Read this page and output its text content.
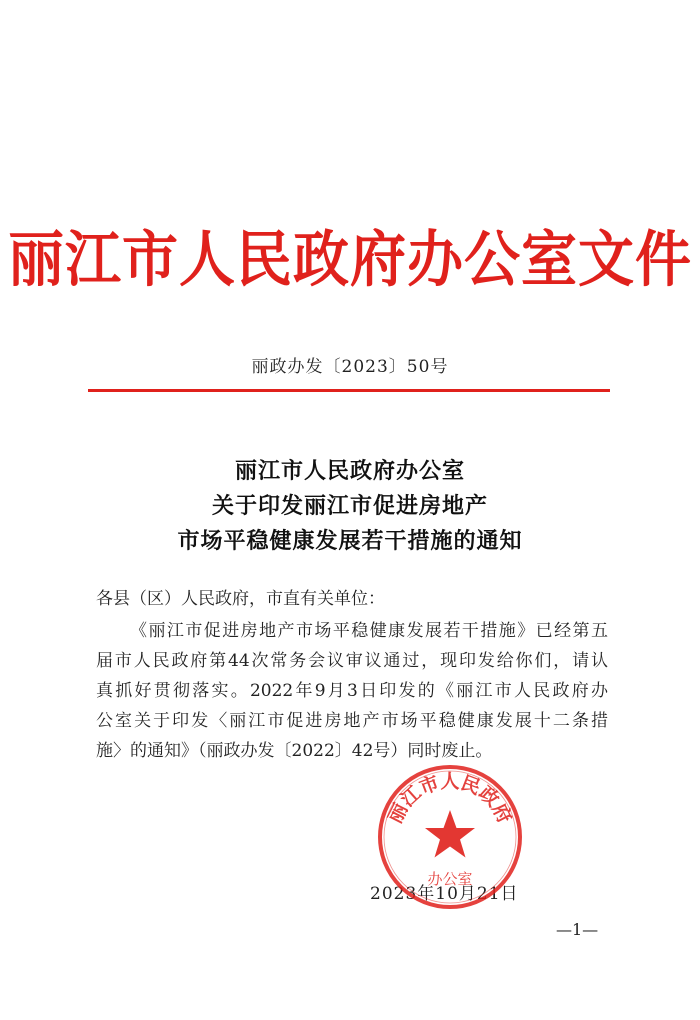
丽江市人民政府办公室文件
丽政办发〔2023〕50号
丽江市人民政府办公室
关于印发丽江市促进房地产
市场平稳健康发展若干措施的通知
各县（区）人民政府，市直有关单位：
《丽江市促进房地产市场平稳健康发展若干措施》已经第五
届市人民政府第44次常务会议审议通过，现印发给你们，请认
真抓好贯彻落实。2022年9月3日印发的《丽江市人民政府办
公室关于印发〈丽江市促进房地产市场平稳健康发展十二条措
施〉的通知》（丽政办发〔2022〕42号）同时废止。
2023年10月21日
丽江市人民政府
办公室
—1—
